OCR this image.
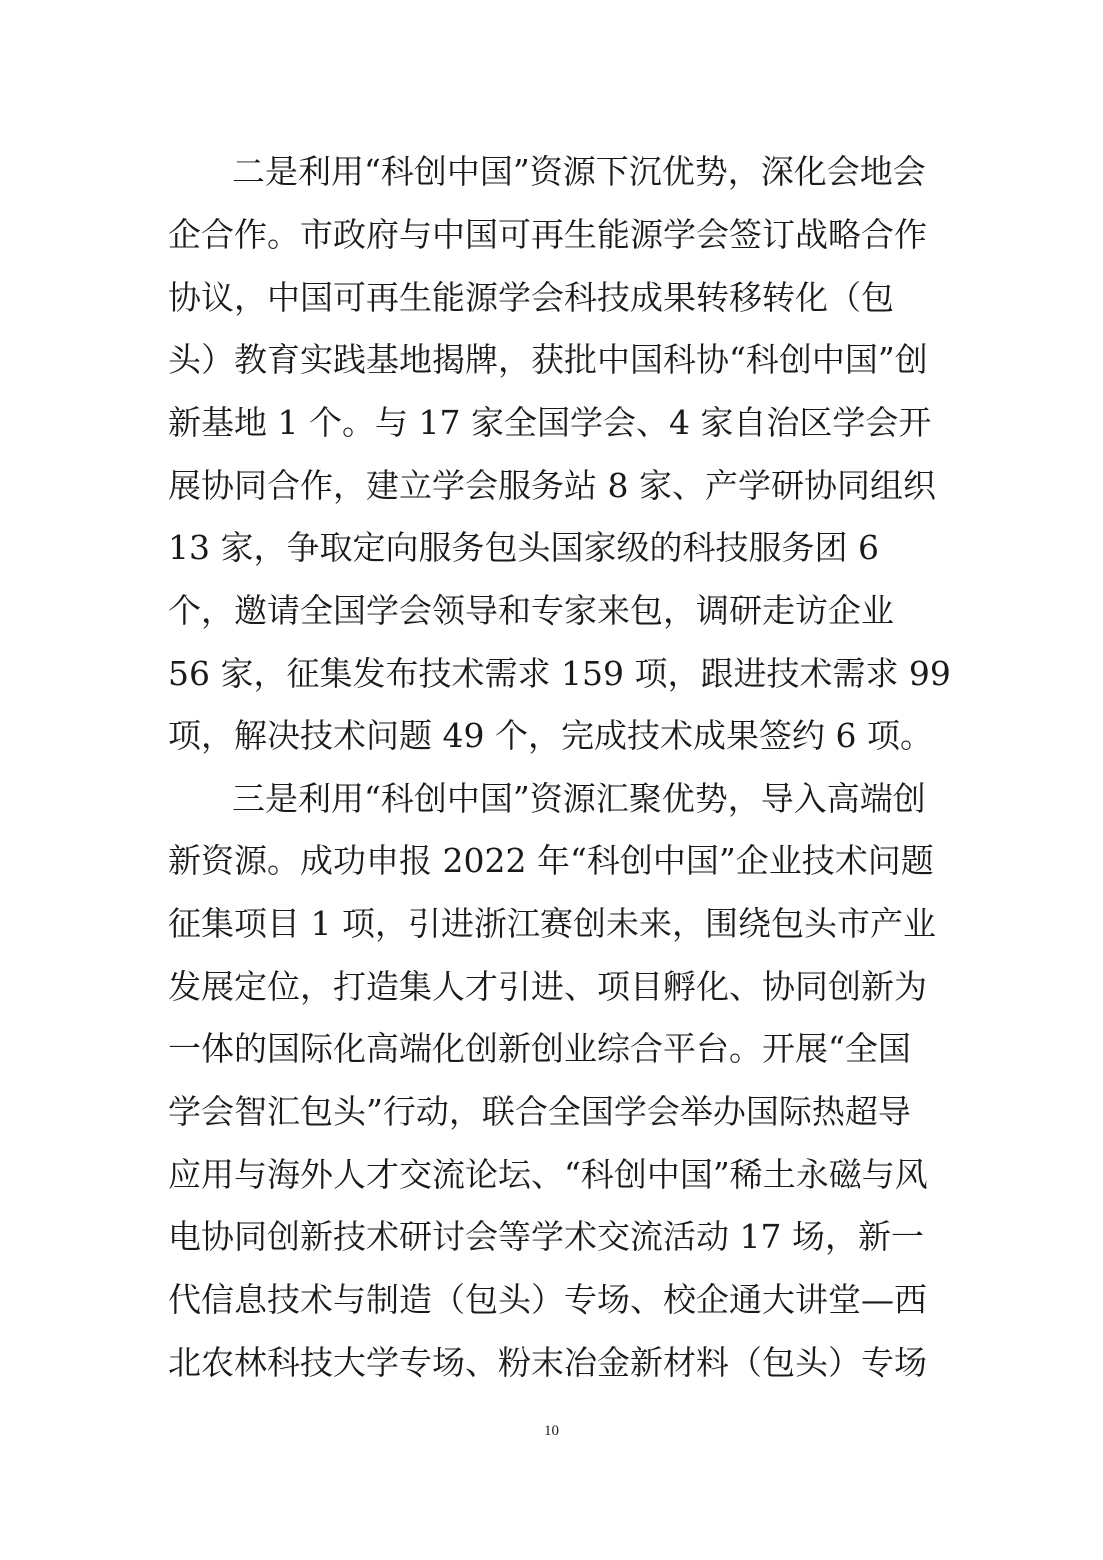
二是利用“科创中国”资源下沉优势，深化会地会
企合作。市政府与中国可再生能源学会签订战略合作
协议，中国可再生能源学会科技成果转移转化（包
头）教育实践基地揭牌，获批中国科协“科创中国”创
新基地 1 个。与 17 家全国学会、4 家自治区学会开
展协同合作，建立学会服务站 8 家、产学研协同组织
13 家，争取定向服务包头国家级的科技服务团 6
个，邀请全国学会领导和专家来包，调研走访企业
56 家，征集发布技术需求 159 项，跟进技术需求 99
项，解决技术问题 49 个，完成技术成果签约 6 项。
三是利用“科创中国”资源汇聚优势，导入高端创
新资源。成功申报 2022 年“科创中国”企业技术问题
征集项目 1 项，引进浙江赛创未来，围绕包头市产业
发展定位，打造集人才引进、项目孵化、协同创新为
一体的国际化高端化创新创业综合平台。开展“全国
学会智汇包头”行动，联合全国学会举办国际热超导
应用与海外人才交流论坛、“科创中国”稀土永磁与风
电协同创新技术研讨会等学术交流活动 17 场，新一
代信息技术与制造（包头）专场、校企通大讲堂—西
北农林科技大学专场、粉末冶金新材料（包头）专场
10
